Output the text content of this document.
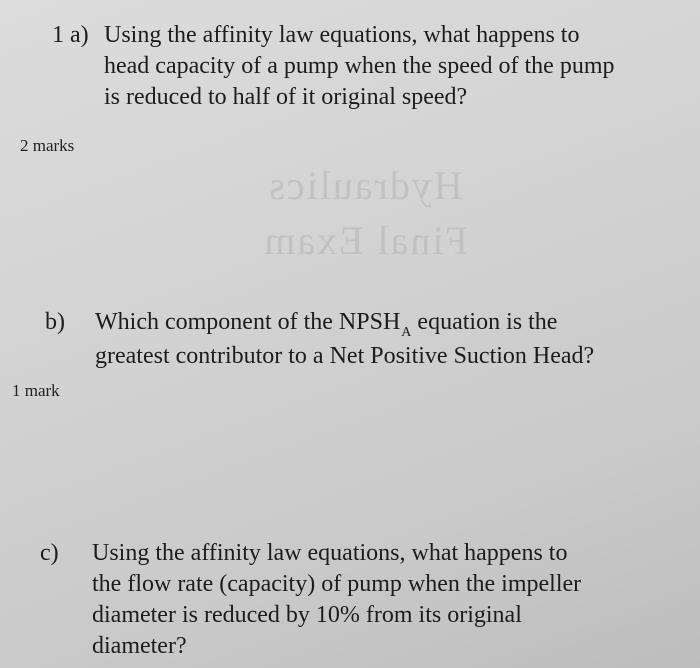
1 a) Using the affinity law equations, what happens to
head capacity of a pump when the speed of the pump
is reduced to half of it original speed?
2 marks
Hydraulics
Final Exam
b) Which component of the $NPSH_A$ equation is the
greatest contributor to a Net Positive Suction Head?
1 mark
c) Using the affinity law equations, what happens to
the flow rate (capacity) of pump when the impeller
diameter is reduced by 10% from its original
diameter?
